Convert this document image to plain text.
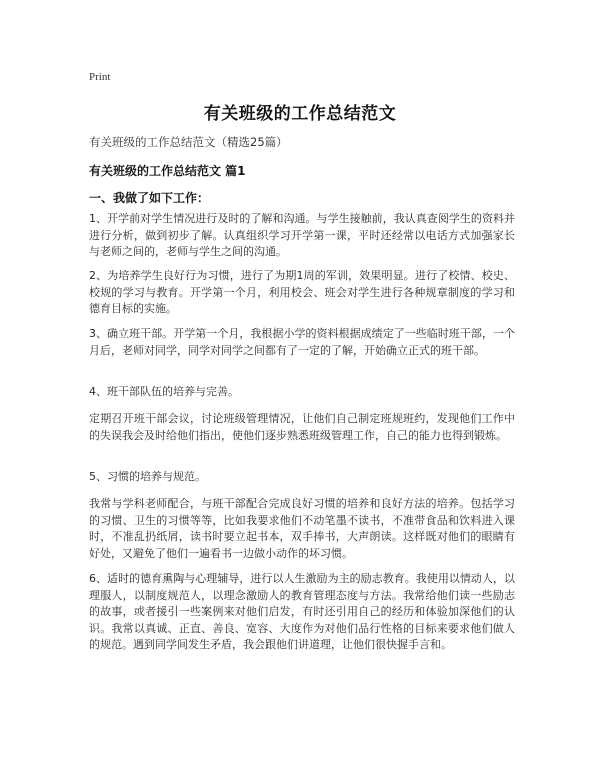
Print
有关班级的工作总结范文
有关班级的工作总结范文（精选25篇）
有关班级的工作总结范文 篇1
一、我做了如下工作：

1、开学前对学生情况进行及时的了解和沟通。与学生接触前，我认真查阅学生的资料并进行分析，做到初步了解。认真组织学习开学第一课，平时还经常以电话方式加强家长与老师之间的，老师与学生之间的沟通。

2、为培养学生良好行为习惯，进行了为期1周的军训，效果明显。进行了校情、校史、校规的学习与教育。开学第一个月，利用校会、班会对学生进行各种规章制度的学习和德育目标的实施。

3、确立班干部。开学第一个月，我根据小学的资料根据成绩定了一些临时班干部，一个月后，老师对同学，同学对同学之间都有了一定的了解，开始确立正式的班干部。

4、班干部队伍的培养与完善。

定期召开班干部会议，讨论班级管理情况，让他们自己制定班规班约，发现他们工作中的失误我会及时给他们指出，使他们逐步熟悉班级管理工作，自己的能力也得到锻炼。

5、习惯的培养与规范。

我常与学科老师配合，与班干部配合完成良好习惯的培养和良好方法的培养。包括学习的习惯、卫生的习惯等等，比如我要求他们不动笔墨不读书，不准带食品和饮料进入课时，不准乱扔纸屑，读书时要立起书本，双手捧书，大声朗读。这样既对他们的眼睛有好处，又避免了他们一遍看书一边做小动作的坏习惯。

6、适时的德育熏陶与心理辅导，进行以人生激励为主的励志教育。我使用以情动人，以理服人，以制度规范人，以理念激励人的教育管理态度与方法。我常给他们读一些励志的故事，或者援引一些案例来对他们启发，有时还引用自己的经历和体验加深他们的认识。我常以真诚、正直、善良、宽容、大度作为对他们品行性格的目标来要求他们做人的规范。遇到同学间发生矛盾，我会跟他们讲道理，让他们很快握手言和。
